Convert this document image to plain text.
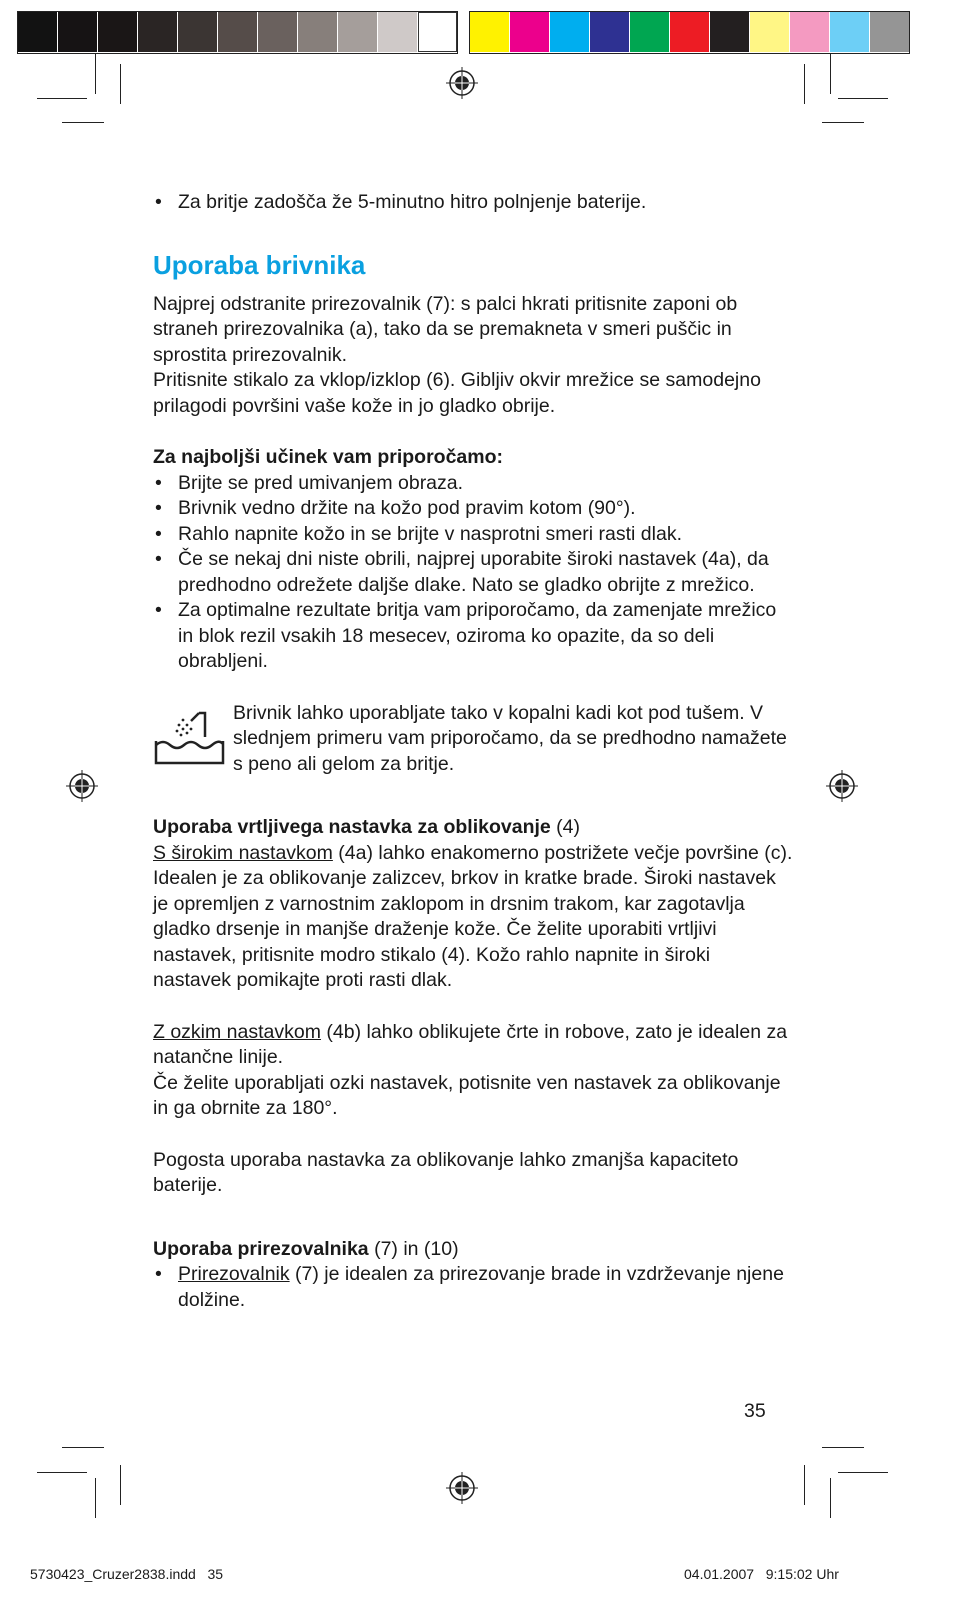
• Za britje zadošča že 5-minutno hitro polnjenje baterije.
Uporaba brivnika

Najprej odstranite prirezovalnik (7): s palci hkrati pritisnite zaponi ob straneh prirezovalnika (a), tako da se premakneta v smeri puščic in sprostita prirezovalnik.

Pritisnite stikalo za vklop/izklop (6). Gibljiv okvir mrežice se samodejno prilagodi površini vaše kože in jo gladko obrije.

Za najboljši učinek vam priporočamo:

• Brijte se pred umivanjem obraza.
• Brivnik vedno držite na kožo pod pravim kotom (90°).
• Rahlo napnite kožo in se brijte v nasprotni smeri rasti dlak.
• Če se nekaj dni niste obrili, najprej uporabite široki nastavek (4a), da predhodno odrežete daljše dlake. Nato se gladko obrijte z mrežico.
• Za optimalne rezultate britja vam priporočamo, da zamenjate mrežico in blok rezil vsakih 18 mesecev, oziroma ko opazite, da so deli obrabljeni.

Brivnik lahko uporabljate tako v kopalni kadi kot pod tušem. V slednjem primeru vam priporočamo, da se predhodno namažete s peno ali gelom za britje.

Uporaba vrtljivega nastavka za oblikovanje (4)

S širokim nastavkom (4a) lahko enakomerno postrižete večje površine (c).

Idealen je za oblikovanje zalizcev, brkov in kratke brade. Široki nastavek je opremljen z varnostnim zaklopom in drsnim trakom, kar zagotavlja gladko drsenje in manjše draženje kože. Če želite uporabiti vrtljivi nastavek, pritisnite modro stikalo (4). Kožo rahlo napnite in široki nastavek pomikajte proti rasti dlak.

Z ozkim nastavkom (4b) lahko oblikujete črte in robove, zato je idealen za natančne linije.

Če želite uporabljati ozki nastavek, potisnite ven nastavek za oblikovanje in ga obrnite za 180°.

Pogosta uporaba nastavka za oblikovanje lahko zmanjša kapaciteto baterije.

Uporaba prirezovalnika (7) in (10)

• Prirezovalnik (7) je idealen za prirezovanje brade in vzdrževanje njene dolžine.
35
5730423_Cruzer2838.indd   35	04.01.2007   9:15:02 Uhr
